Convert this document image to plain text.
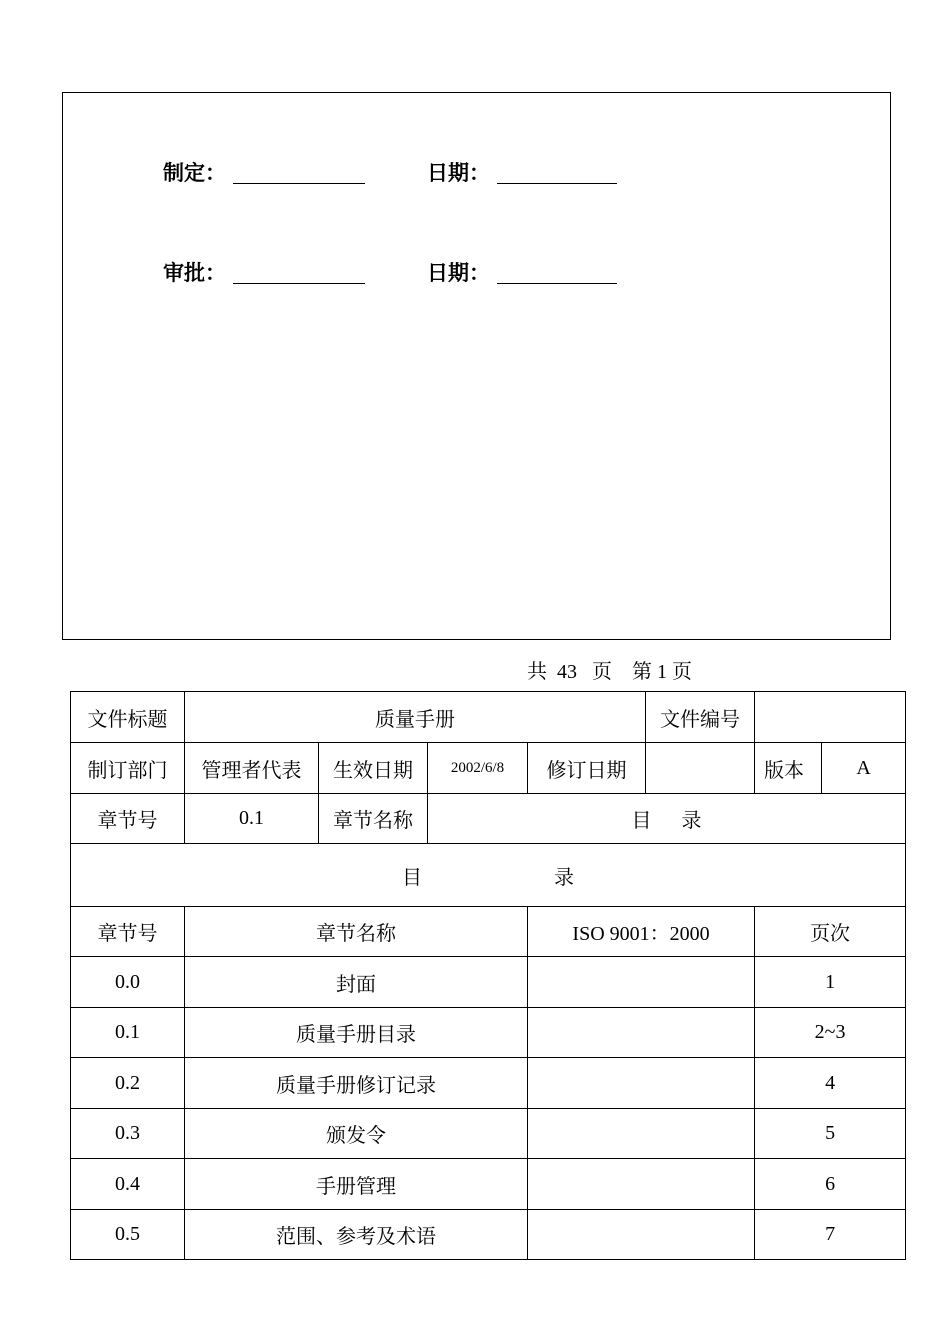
制定：	日期：
审批：	日期：
共  43   页    第 1 页
文件标题	质量手册				文件编号		
制订部门	管理者代表	生效日期	2002/6/8	修订日期		版本	A
章节号	0.1	章节名称	目      录				
目 录							
章节号	章节名称			ISO 9001：2000		页次	
0.0	封面					1	
0.1	质量手册目录					2~3	
0.2	质量手册修订记录					4	
0.3	颁发令					5	
0.4	手册管理					6	
0.5	范围、参考及术语					7	
